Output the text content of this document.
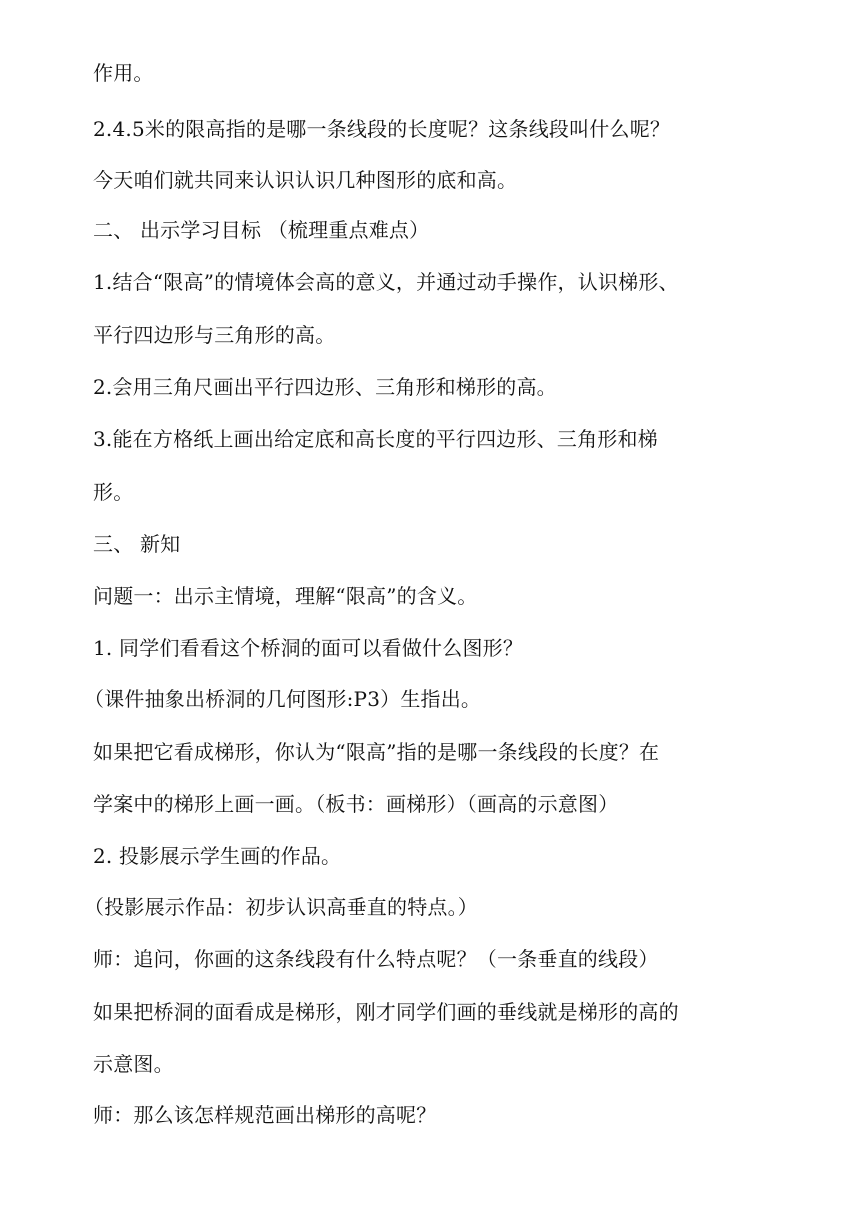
作用。
2.4.5米的限高指的是哪一条线段的长度呢？这条线段叫什么呢？
今天咱们就共同来认识认识几种图形的底和高。
二、 出示学习目标 （梳理重点难点）
1.结合“限高”的情境体会高的意义，并通过动手操作，认识梯形、
平行四边形与三角形的高。
2.会用三角尺画出平行四边形、三角形和梯形的高。
3.能在方格纸上画出给定底和高长度的平行四边形、三角形和梯
形。
三、 新知
问题一：出示主情境，理解“限高”的含义。
1. 同学们看看这个桥洞的面可以看做什么图形？
（课件抽象出桥洞的几何图形:P3）生指出。
如果把它看成梯形，你认为“限高”指的是哪一条线段的长度？在
学案中的梯形上画一画。（板书：画梯形）（画高的示意图）
2. 投影展示学生画的作品。
（投影展示作品：初步认识高垂直的特点。）
师：追问，你画的这条线段有什么特点呢？（一条垂直的线段）
如果把桥洞的面看成是梯形，刚才同学们画的垂线就是梯形的高的
示意图。
师：那么该怎样规范画出梯形的高呢？
